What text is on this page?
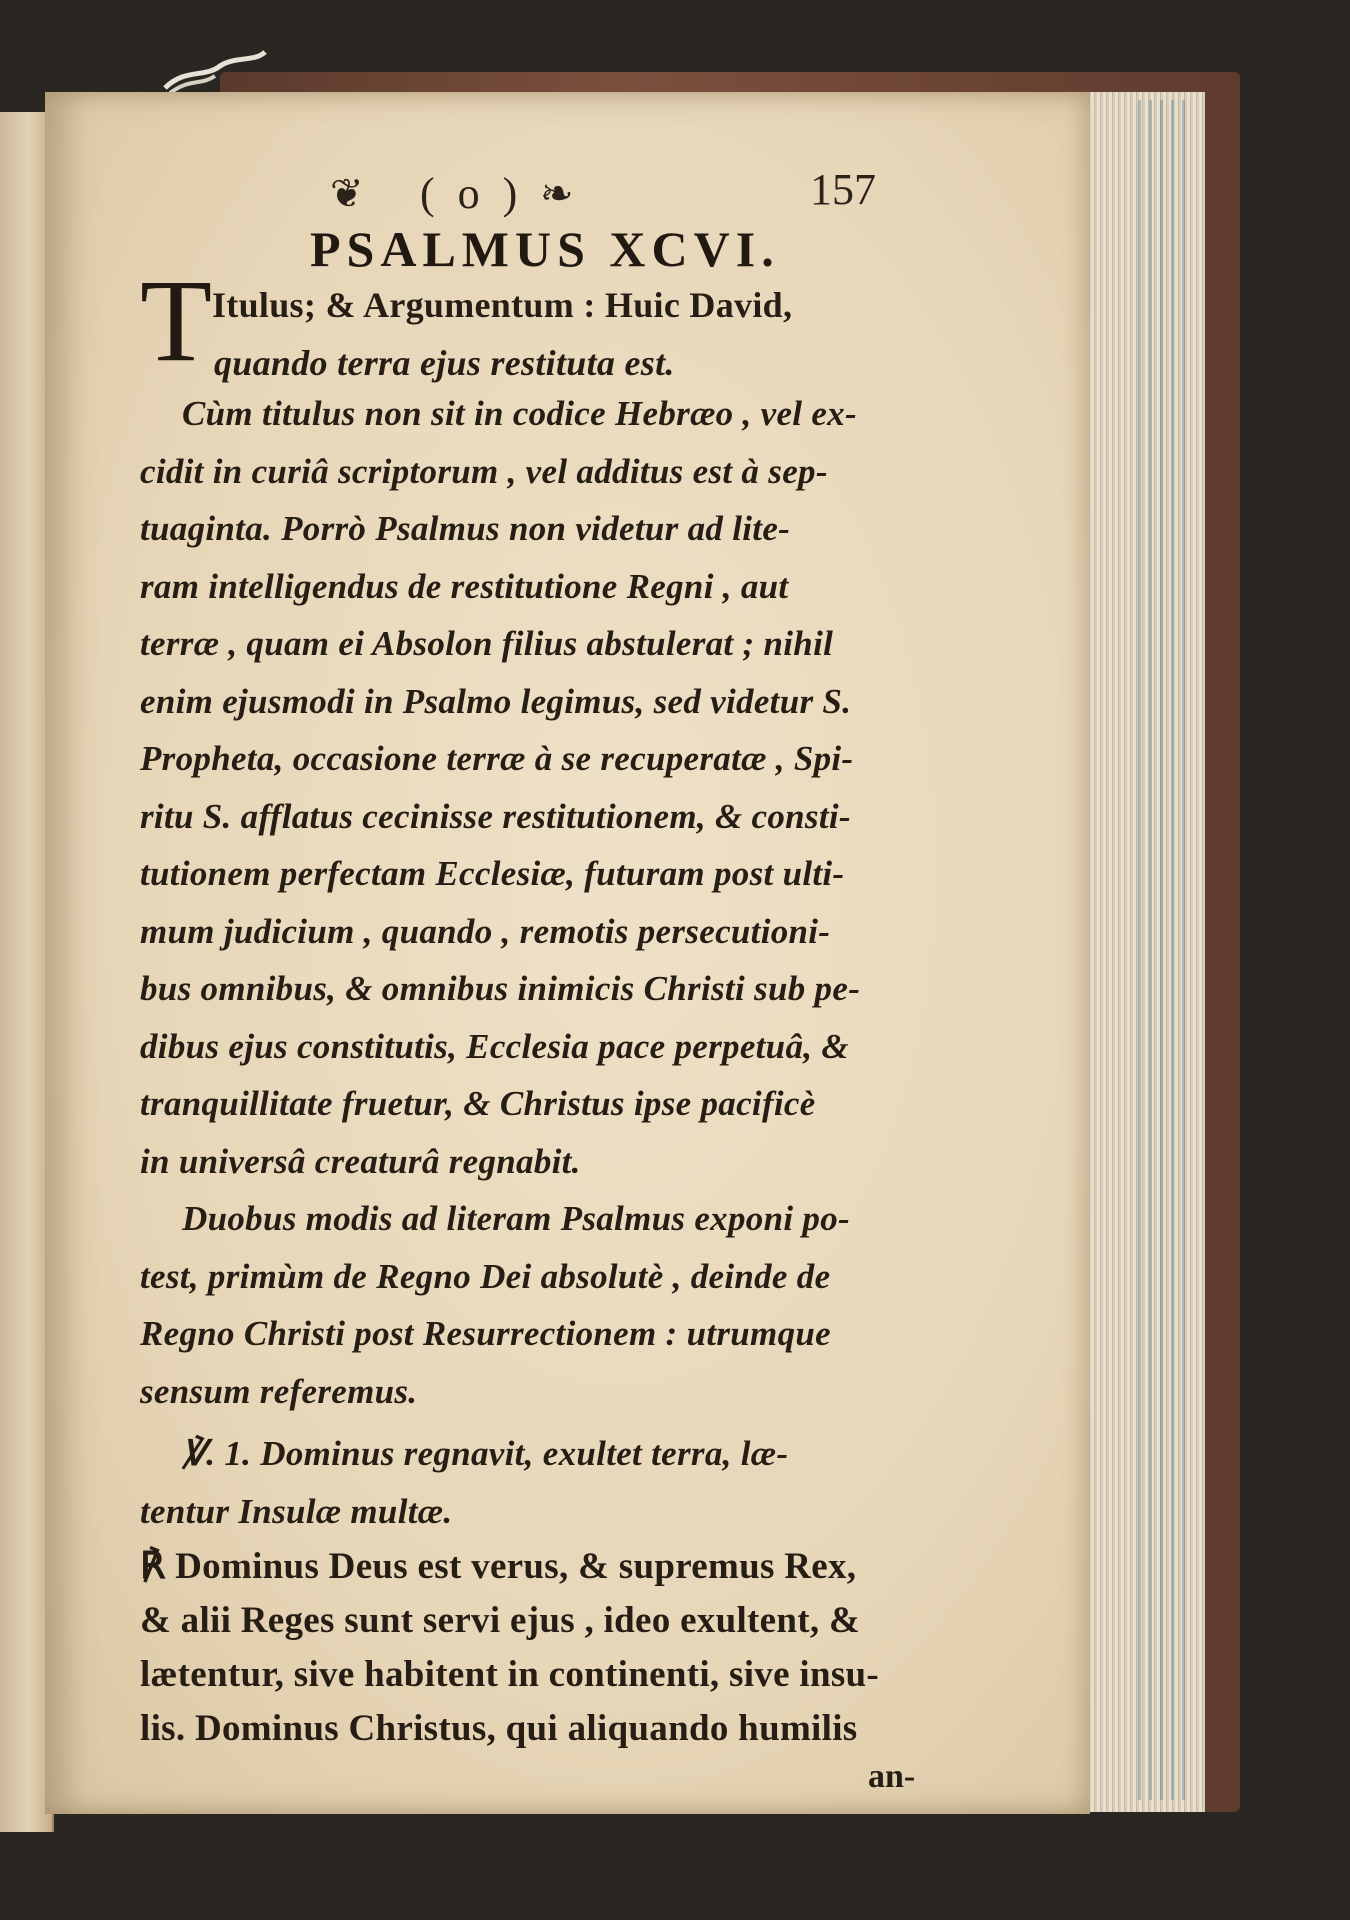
❦ ( o ) ❧	157
PSALMUS XCVI.
T Itulus; & Argumentum : Huic David,
quando terra ejus restituta est.
Cùm titulus non sit in codice Hebræo , vel ex-
cidit in curiâ scriptorum , vel additus est à sep-
tuaginta. Porrò Psalmus non videtur ad lite-
ram intelligendus de restitutione Regni , aut
terræ , quam ei Absolon filius abstulerat ; nihil
enim ejusmodi in Psalmo legimus, sed videtur S.
Propheta, occasione terræ à se recuperatæ , Spi-
ritu S. afflatus cecinisse restitutionem, & consti-
tutionem perfectam Ecclesiæ, futuram post ulti-
mum judicium , quando , remotis persecutioni-
bus omnibus, & omnibus inimicis Christi sub pe-
dibus ejus constitutis, Ecclesia pace perpetuâ, &
tranquillitate fruetur, & Christus ipse pacificè
in universâ creaturâ regnabit.
Duobus modis ad literam Psalmus exponi po-
test, primùm de Regno Dei absolutè , deinde de
Regno Christi post Resurrectionem : utrumque
sensum referemus.
℣. 1. Dominus regnavit, exultet terra, læ-
tentur Insulæ multæ.
℟ Dominus Deus est verus, & supremus Rex,
& alii Reges sunt servi ejus , ideo exultent, &
lætentur, sive habitent in continenti, sive insu-
lis. Dominus Christus, qui aliquando humilis
an-
